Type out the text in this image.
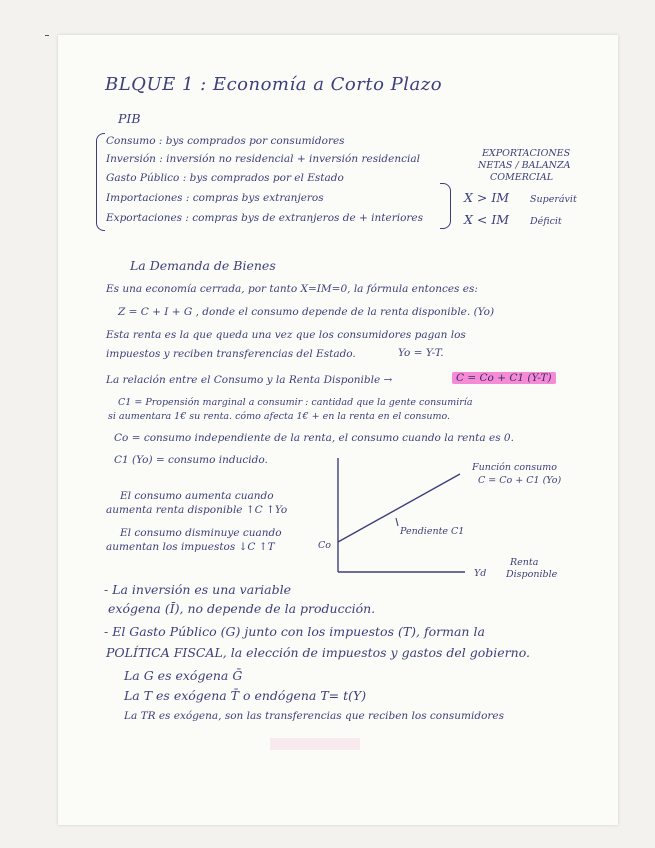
BLQUE 1 : Economía a Corto Plazo
PIB
Consumo : bys comprados por consumidores
Inversión : inversión no residencial + inversión residencial
Gasto Público : bys comprados por el Estado
Importaciones : compras bys extranjeros
Exportaciones : compras bys de extranjeros de + interiores
EXPORTACIONES
NETAS / BALANZA
COMERCIAL
X > IM Superávit
X < IM Déficit
La Demanda de Bienes
Es una economía cerrada, por tanto X=IM=0, la fórmula entonces es:
Z = C + I + G , donde el consumo depende de la renta disponible. (Yo)
Esta renta es la que queda una vez que los consumidores pagan los
impuestos y reciben transferencias del Estado.	Yo = Y-T.
La relación entre el Consumo y la Renta Disponible →	C = Co + C1 (Y-T)
C1 = Propensión marginal a consumir : cantidad que la gente consumiría
si aumentara 1€ su renta. cómo afecta 1€ + en la renta en el consumo.
Co = consumo independiente de la renta, el consumo cuando la renta es 0.
C1 (Yo) = consumo inducido.
Función consumo
C = Co + C1 (Yo)
Pendiente C1
Co
Yd
Renta
Disponible
El consumo aumenta cuando
aumenta renta disponible ↑C ↑Yo
El consumo disminuye cuando
aumentan los impuestos ↓C ↑T
- La inversión es una variable
exógena (Ī), no depende de la producción.
- El Gasto Público (G) junto con los impuestos (T), forman la
POLÍTICA FISCAL, la elección de impuestos y gastos del gobierno.
La G es exógena Ḡ
La T es exógena T̄ o endógena T= t(Y)
La TR es exógena, son las transferencias que reciben los consumidores
